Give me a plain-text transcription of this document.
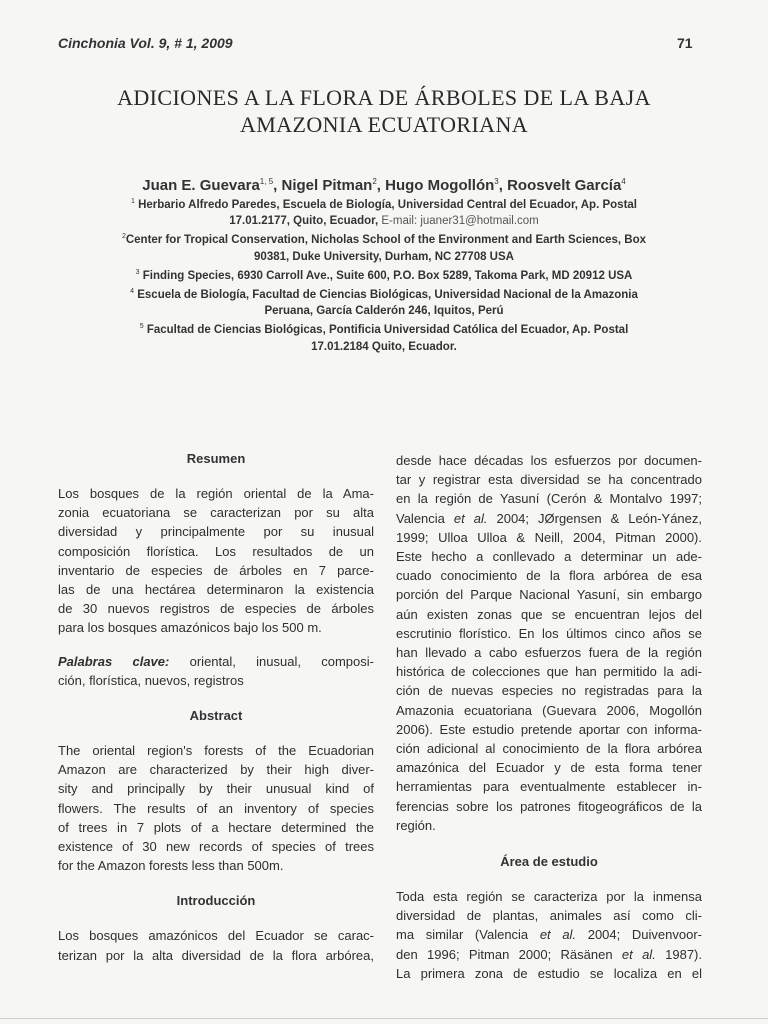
Cinchonia Vol. 9, # 1, 2009	71
ADICIONES A LA FLORA DE ÁRBOLES DE LA BAJA
AMAZONIA ECUATORIANA
Juan E. Guevara$^{1, 5}$, Nigel Pitman$^2$, Hugo Mogollón$^3$, Roosvelt García$^4$
$^1$ Herbario Alfredo Paredes, Escuela de Biología, Universidad Central del Ecuador, Ap. Postal
17.01.2177, Quito, Ecuador, E-mail: juaner31@hotmail.com
$^2$Center for Tropical Conservation, Nicholas School of the Environment and Earth Sciences, Box
90381, Duke University, Durham, NC 27708 USA
$^3$ Finding Species, 6930 Carroll Ave., Suite 600, P.O. Box 5289, Takoma Park, MD 20912 USA
$^4$ Escuela de Biología, Facultad de Ciencias Biológicas, Universidad Nacional de la Amazonia
Peruana, García Calderón 246, Iquitos, Perú
$^5$ Facultad de Ciencias Biológicas, Pontificia Universidad Católica del Ecuador, Ap. Postal
17.01.2184 Quito, Ecuador.
Resumen
Los bosques de la región oriental de la Ama-
zonia ecuatoriana se caracterizan por su alta
diversidad y principalmente por su inusual
composición florística. Los resultados de un
inventario de especies de árboles en 7 parce-
las de una hectárea determinaron la existencia
de 30 nuevos registros de especies de árboles
para los bosques amazónicos bajo los 500 m.
Palabras clave: oriental, inusual, composi-
ción, florística, nuevos, registros
Abstract
The oriental region's forests of the Ecuadorian
Amazon are characterized by their high diver-
sity and principally by their unusual kind of
flowers. The results of an inventory of species
of trees in 7 plots of a hectare determined the
existence of 30 new records of species of trees
for the Amazon forests less than 500m.
Introducción
Los bosques amazónicos del Ecuador se carac-
terizan por la alta diversidad de la flora arbórea,
desde hace décadas los esfuerzos por documen-
tar y registrar esta diversidad se ha concentrado
en la región de Yasuní (Cerón & Montalvo 1997;
Valencia et al. 2004; JØrgensen & León-Yánez,
1999; Ulloa Ulloa & Neill, 2004, Pitman 2000).
Este hecho a conllevado a determinar un ade-
cuado conocimiento de la flora arbórea de esa
porción del Parque Nacional Yasuní, sin embargo
aún existen zonas que se encuentran lejos del
escrutinio florístico. En los últimos cinco años se
han llevado a cabo esfuerzos fuera de la región
histórica de colecciones que han permitido la adi-
ción de nuevas especies no registradas para la
Amazonia ecuatoriana (Guevara 2006, Mogollón
2006). Este estudio pretende aportar con informa-
ción adicional al conocimiento de la flora arbórea
amazónica del Ecuador y de esta forma tener
herramientas para eventualmente establecer in-
ferencias sobre los patrones fitogeográficos de la
región.
Área de estudio
Toda esta región se caracteriza por la inmensa
diversidad de plantas, animales así como cli-
ma similar (Valencia et al. 2004; Duivenvoor-
den 1996; Pitman 2000; Räsänen et al. 1987).
La primera zona de estudio se localiza en el
